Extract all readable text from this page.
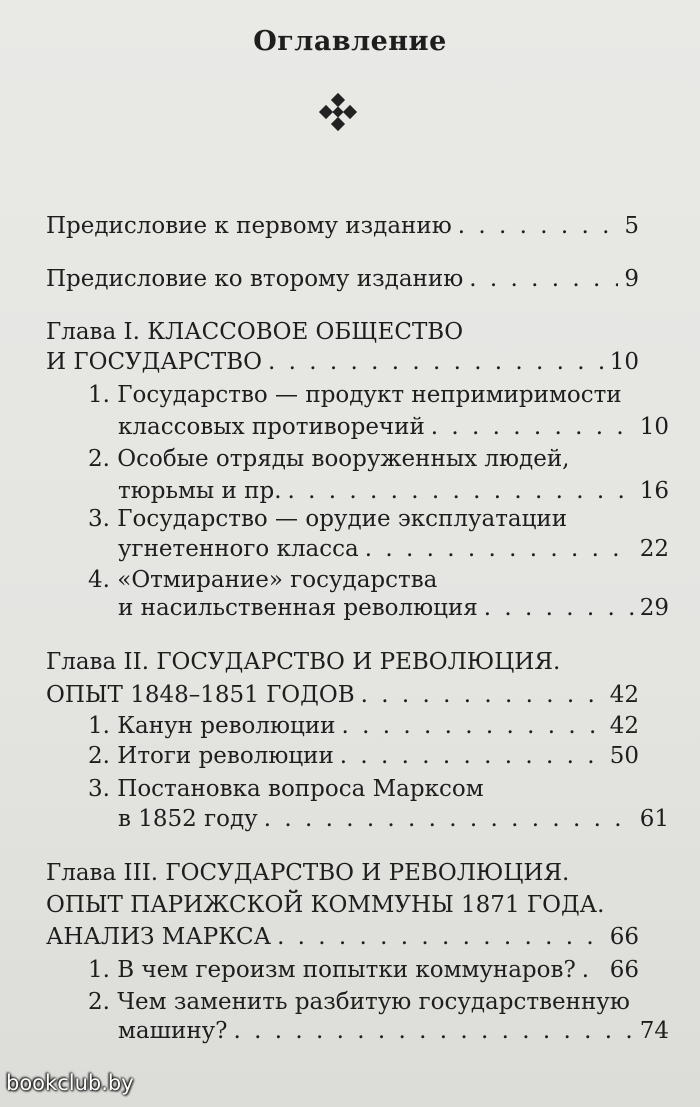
Оглавление
Предисловие к первому изданию . . .	5
Предисловие ко второму изданию . . .	9
Глава I. КЛАССОВОЕ ОБЩЕСТВО
И ГОСУДАРСТВО . . .	10
1. Государство — продукт непримиримости
классовых противоречий . . .	10
2. Особые отряды вооруженных людей,
тюрьмы и пр. . . .	16
3. Государство — орудие эксплуатации
угнетенного класса . . .	22
4. «Отмирание» государства
и насильственная революция . . .	29
Глава II. ГОСУДАРСТВО И РЕВОЛЮЦИЯ.
ОПЫТ 1848–1851 ГОДОВ . . .	42
1. Канун революции . . .	42
2. Итоги революции . . .	50
3. Постановка вопроса Марксом
в 1852 году . . .	61
Глава III. ГОСУДАРСТВО И РЕВОЛЮЦИЯ.
ОПЫТ ПАРИЖСКОЙ КОММУНЫ 1871 ГОДА.
АНАЛИЗ МАРКСА . . .	66
1. В чем героизм попытки коммунаров? . . . 66
2. Чем заменить разбитую государственную
машину? . . .	74
bookclub.by
